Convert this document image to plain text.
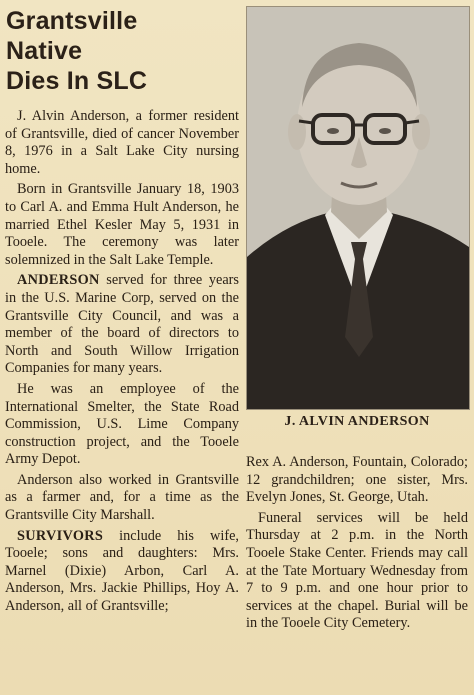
Grantsville
Native
Dies In SLC

J. Alvin Anderson, a former resident of Grantsville, died of cancer November 8, 1976 in a Salt Lake City nursing home.

Born in Grantsville January 18, 1903 to Carl A. and Emma Hult Anderson, he married Ethel Kesler May 5, 1931 in Tooele. The ceremony was later solemnized in the Salt Lake Temple.

ANDERSON served for three years in the U.S. Marine Corp, served on the Grantsville City Council, and was a member of the board of directors to North and South Willow Irrigation Companies for many years.

He was an employee of the International Smelter, the State Road Commission, U.S. Lime Company construction project, and the Tooele Army Depot.

Anderson also worked in Grantsville as a farmer and, for a time as the Grantsville City Marshall.

SURVIVORS include his wife, Tooele; sons and daughters: Mrs. Marnel (Dixie) Arbon, Carl A. Anderson, Mrs. Jackie Phillips, Hoy A. Anderson, all of Grantsville;

J. ALVIN ANDERSON

Rex A. Anderson, Fountain, Colorado; 12 grandchildren; one sister, Mrs. Evelyn Jones, St. George, Utah.

Funeral services will be held Thursday at 2 p.m. in the North Tooele Stake Center. Friends may call at the Tate Mortuary Wednesday from 7 to 9 p.m. and one hour prior to services at the chapel. Burial will be in the Tooele City Cemetery.
